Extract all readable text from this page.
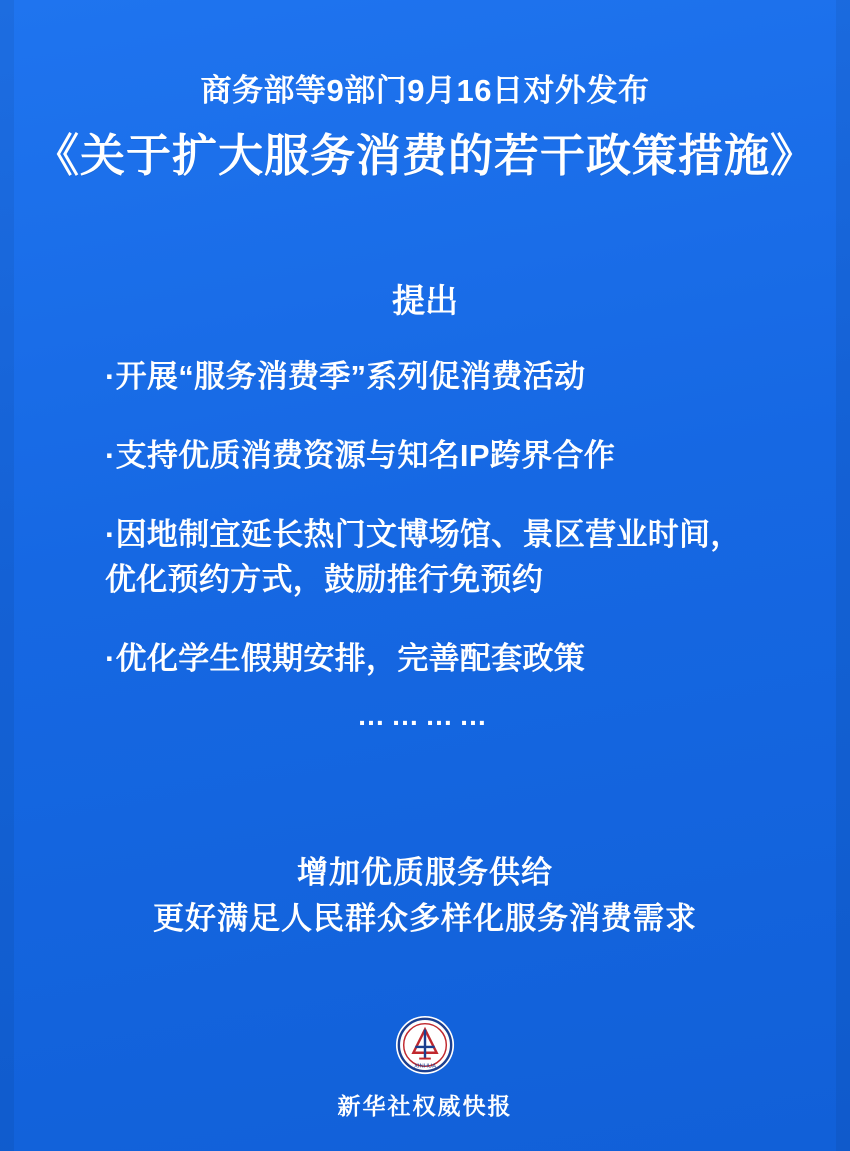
商务部等9部门9月16日对外发布
《关于扩大服务消费的若干政策措施》
提出

·开展“服务消费季”系列促消费活动

·支持优质消费资源与知名IP跨界合作

·因地制宜延长热门文博场馆、景区营业时间，优化预约方式，鼓励推行免预约

·优化学生假期安排，完善配套政策

…………
增加优质服务供给
更好满足人民群众多样化服务消费需求
XINHUA
新华社权威快报
